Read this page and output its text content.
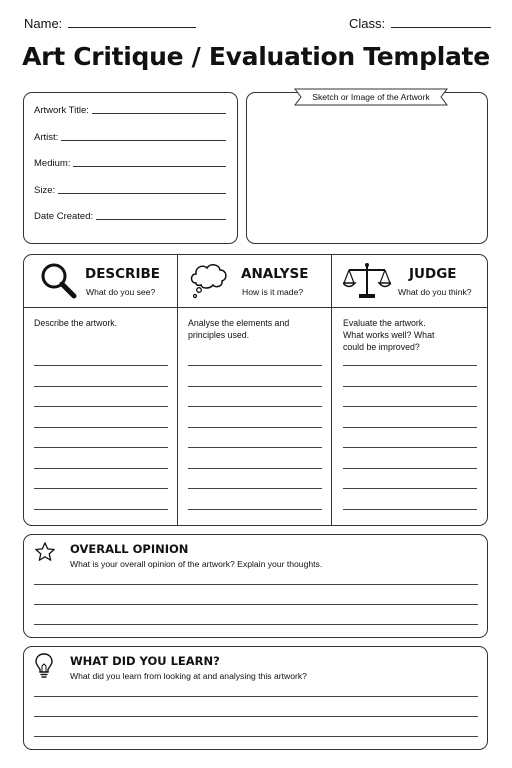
Name:	Class:
Art Critique / Evaluation Template
Artwork Title:
Artist:
Medium:
Size:
Date Created:
Sketch or Image of the Artwork
DESCRIBE
What do you see?
Describe the artwork.
ANALYSE
How is it made?
Analyse the elements and
principles used.
JUDGE
What do you think?
Evaluate the artwork.
What works well? What
could be improved?
OVERALL OPINION
What is your overall opinion of the artwork? Explain your thoughts.
WHAT DID YOU LEARN?
What did you learn from looking at and analysing this artwork?
